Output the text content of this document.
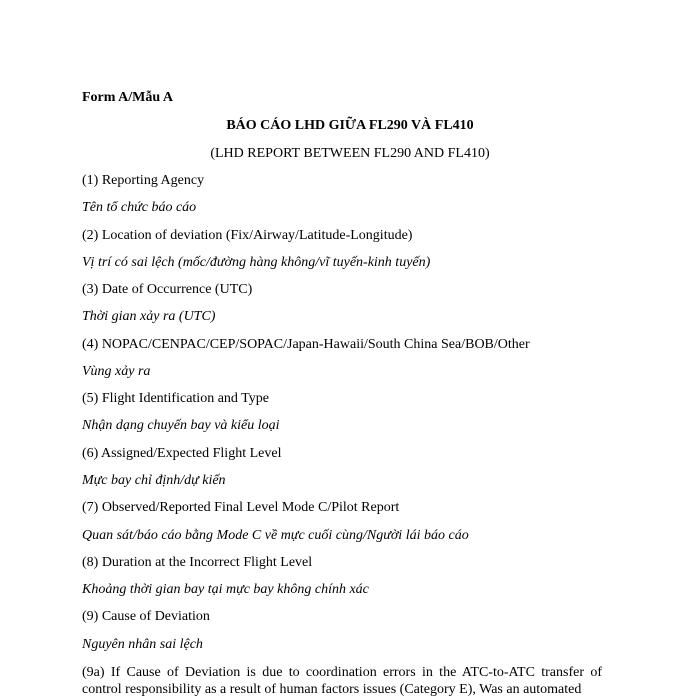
Form A/Mẫu A
BÁO CÁO LHD GIỮA FL290 VÀ FL410
(LHD REPORT BETWEEN FL290 AND FL410)
(1) Reporting Agency
Tên tổ chức báo cáo
(2) Location of deviation (Fix/Airway/Latitude-Longitude)
Vị trí có sai lệch (mốc/đường hàng không/vĩ tuyến-kinh tuyến)
(3) Date of Occurrence (UTC)
Thời gian xảy ra (UTC)
(4) NOPAC/CENPAC/CEP/SOPAC/Japan-Hawaii/South China Sea/BOB/Other
Vùng xảy ra
(5) Flight Identification and Type
Nhận dạng chuyến bay và kiểu loại
(6) Assigned/Expected Flight Level
Mực bay chỉ định/dự kiến
(7) Observed/Reported Final Level Mode C/Pilot Report
Quan sát/báo cáo bằng Mode C về mực cuối cùng/Người lái báo cáo
(8) Duration at the Incorrect Flight Level
Khoảng thời gian bay tại mực bay không chính xác
(9) Cause of Deviation
Nguyên nhân sai lệch
(9a) If Cause of Deviation is due to coordination errors in the ATC-to-ATC transfer of control responsibility as a result of human factors issues (Category E), Was an automated
